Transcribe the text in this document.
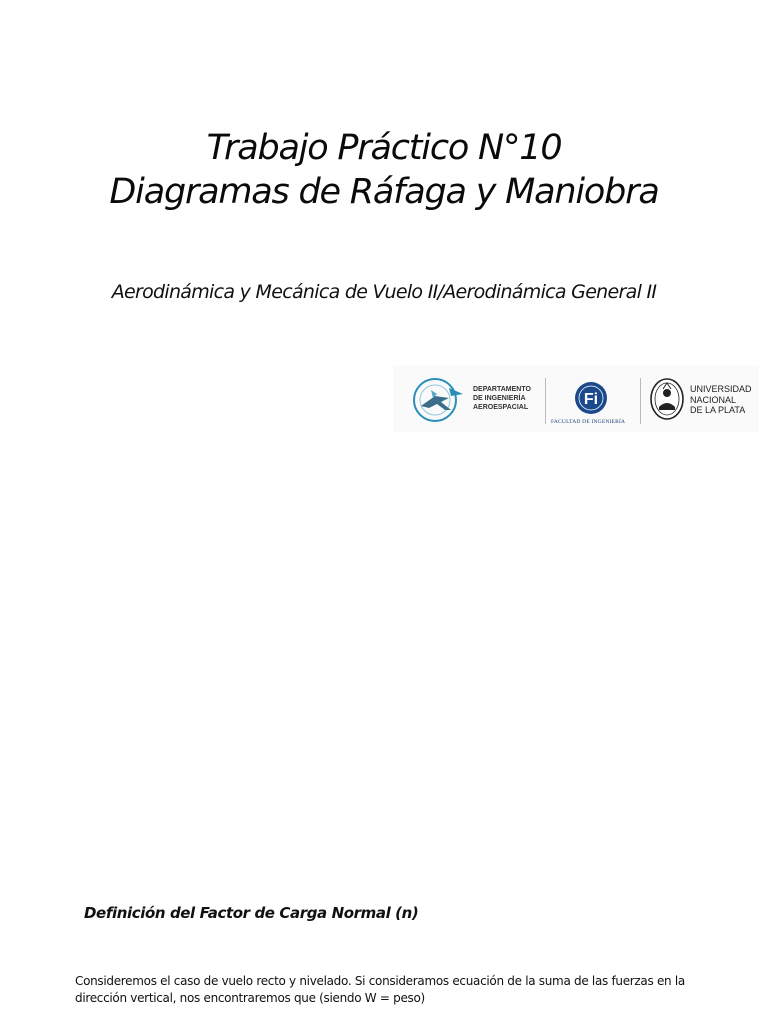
Trabajo Práctico N°10
Diagramas de Ráfaga y Maniobra
Aerodinámica y Mecánica de Vuelo II/Aerodinámica General II
DEPARTAMENTO
DE INGENIERÍA
AEROESPACIAL	Fi
FACULTAD DE INGENIERÍA
UNIVERSIDAD
NACIONAL
DE LA PLATA
Definición del Factor de Carga Normal (n)
Consideremos el caso de vuelo recto y nivelado. Si consideramos ecuación de la suma de las fuerzas en la
dirección vertical, nos encontraremos que (siendo W = peso)
